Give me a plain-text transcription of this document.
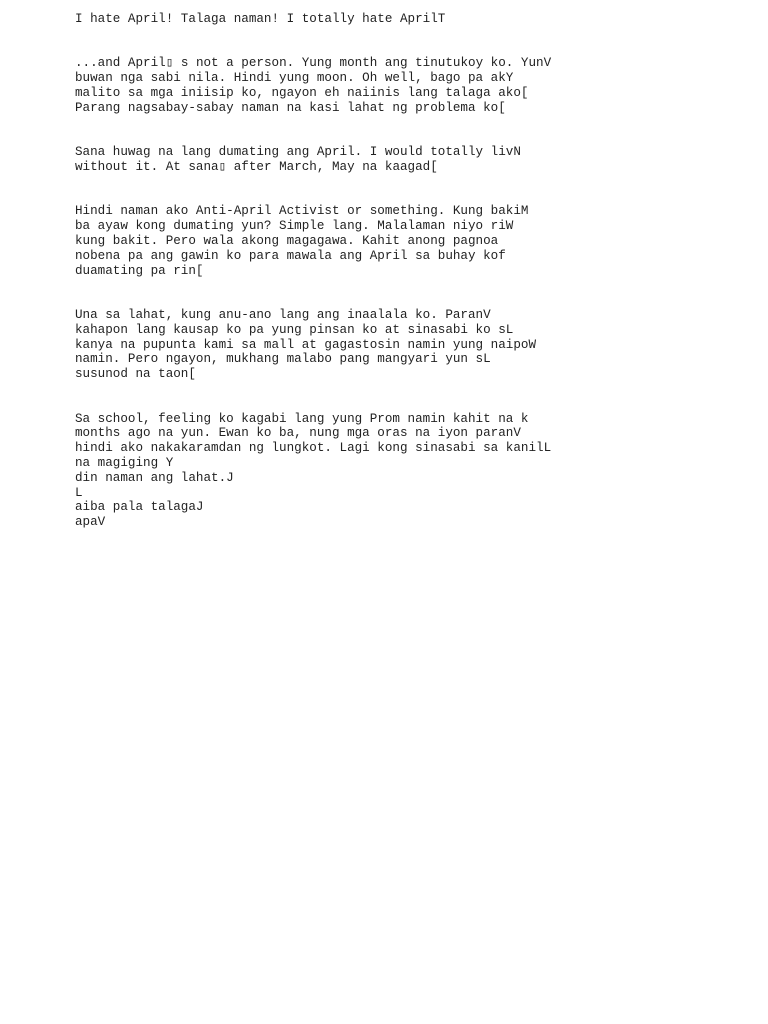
I hate April! Talaga naman! I totally hate AprilT
...and April▯ s not a person. Yung month ang tinutukoy ko. YunV
buwan nga sabi nila. Hindi yung moon. Oh well, bago pa akY
malito sa mga iniisip ko, ngayon eh naiinis lang talaga ako[
Parang nagsabay-sabay naman na kasi lahat ng problema ko[
Sana huwag na lang dumating ang April. I would totally livN
without it. At sana▯ after March, May na kaagad[
Hindi naman ako Anti-April Activist or something. Kung bakiM
ba ayaw kong dumating yun? Simple lang. Malalaman niyo riW
kung bakit. Pero wala akong magagawa. Kahit anong pagnoa
nobena pa ang gawin ko para mawala ang April sa buhay kof
duamating pa rin[
Una sa lahat, kung anu-ano lang ang inaalala ko. ParanV
kahapon lang kausap ko pa yung pinsan ko at sinasabi ko sL
kanya na pupunta kami sa mall at gagastosin namin yung naipoW
namin. Pero ngayon, mukhang malabo pang mangyari yun sL
susunod na taon[
Sa school, feeling ko kagabi lang yung Prom namin kahit na k
months ago na yun. Ewan ko ba, nung mga oras na iyon paranV
hindi ako nakakaramdan ng lungkot. Lagi kong sinasabi sa kanilL
na magiging Y
din naman ang lahat.J
L
aiba pala talagaJ
apaV
